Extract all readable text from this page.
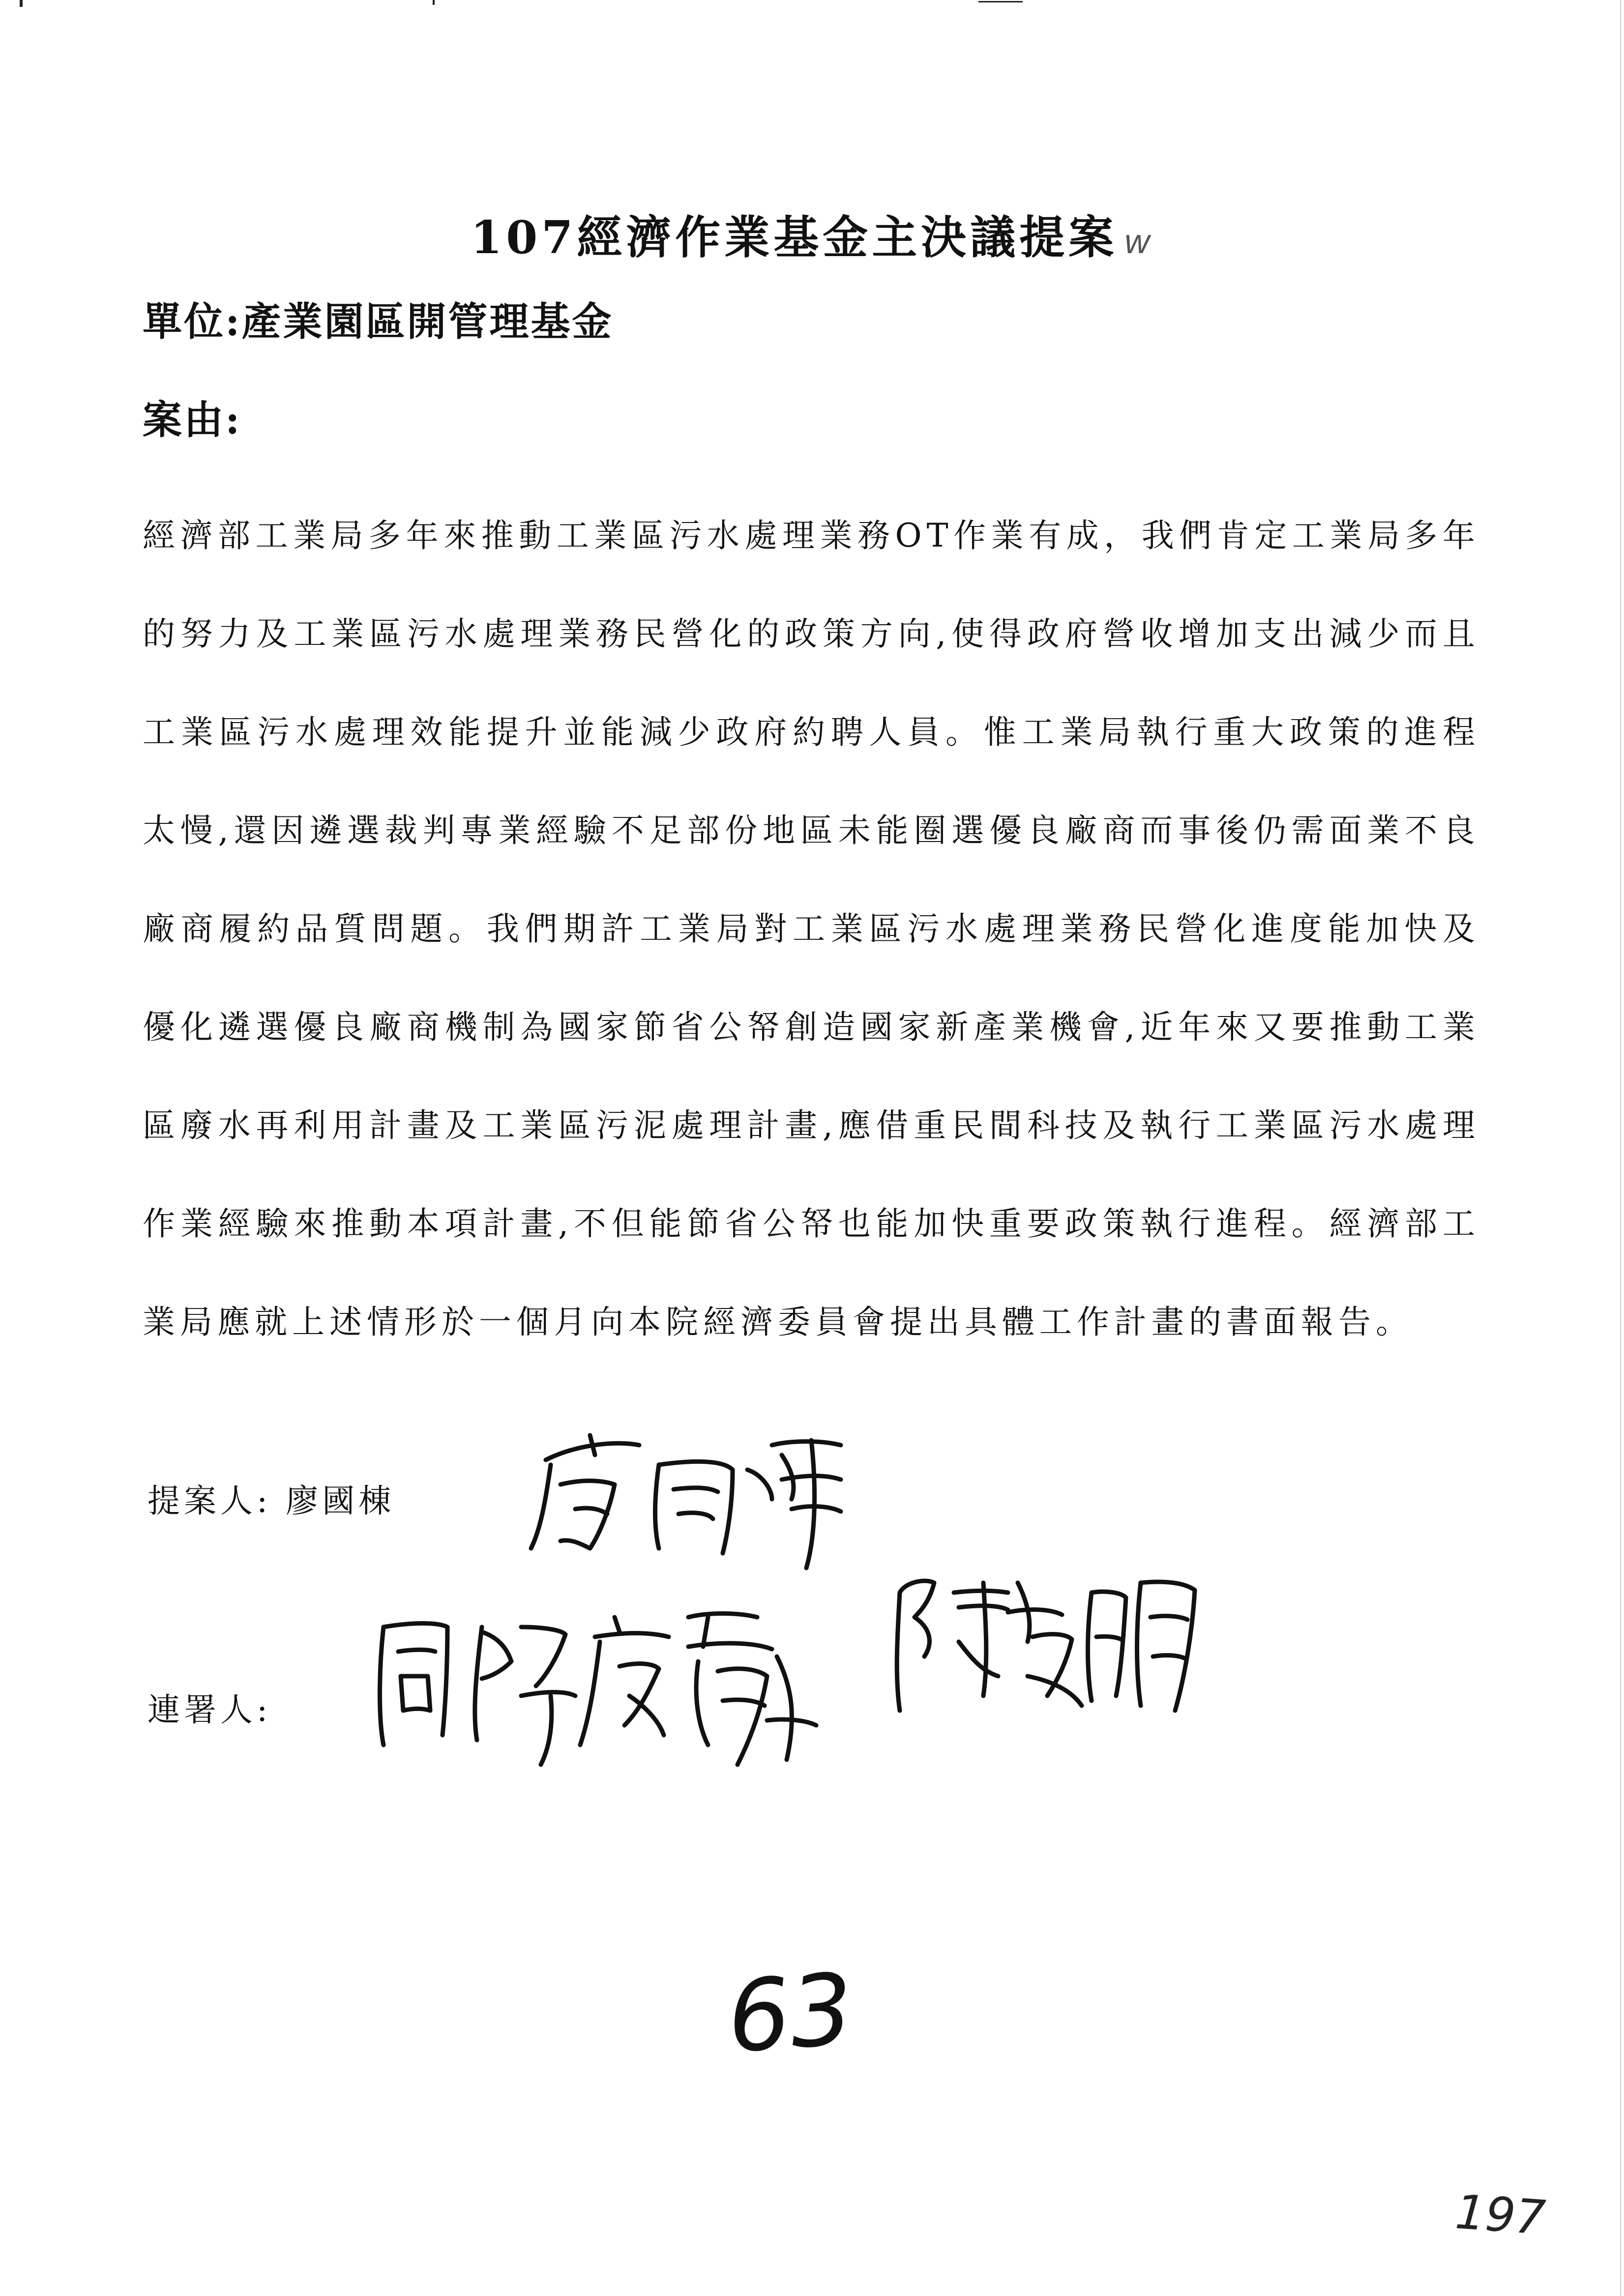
107經濟作業基金主決議提案 w
單位:產業園區開管理基金
案由:

經濟部工業局多年來推動工業區污水處理業務OT作業有成，我們肯定工業局多年的努力及工業區污水處理業務民營化的政策方向,使得政府營收增加支出減少而且工業區污水處理效能提升並能減少政府約聘人員。惟工業局執行重大政策的進程太慢,還因遴選裁判專業經驗不足部份地區未能圈選優良廠商而事後仍需面業不良廠商履約品質問題。我們期許工業局對工業區污水處理業務民營化進度能加快及優化遴選優良廠商機制為國家節省公帑創造國家新產業機會,近年來又要推動工業區廢水再利用計畫及工業區污泥處理計畫,應借重民間科技及執行工業區污水處理作業經驗來推動本項計畫,不但能節省公帑也能加快重要政策執行進程。經濟部工業局應就上述情形於一個月向本院經濟委員會提出具體工作計畫的書面報告。

提案人: 廖國棟
連署人:
63
197
